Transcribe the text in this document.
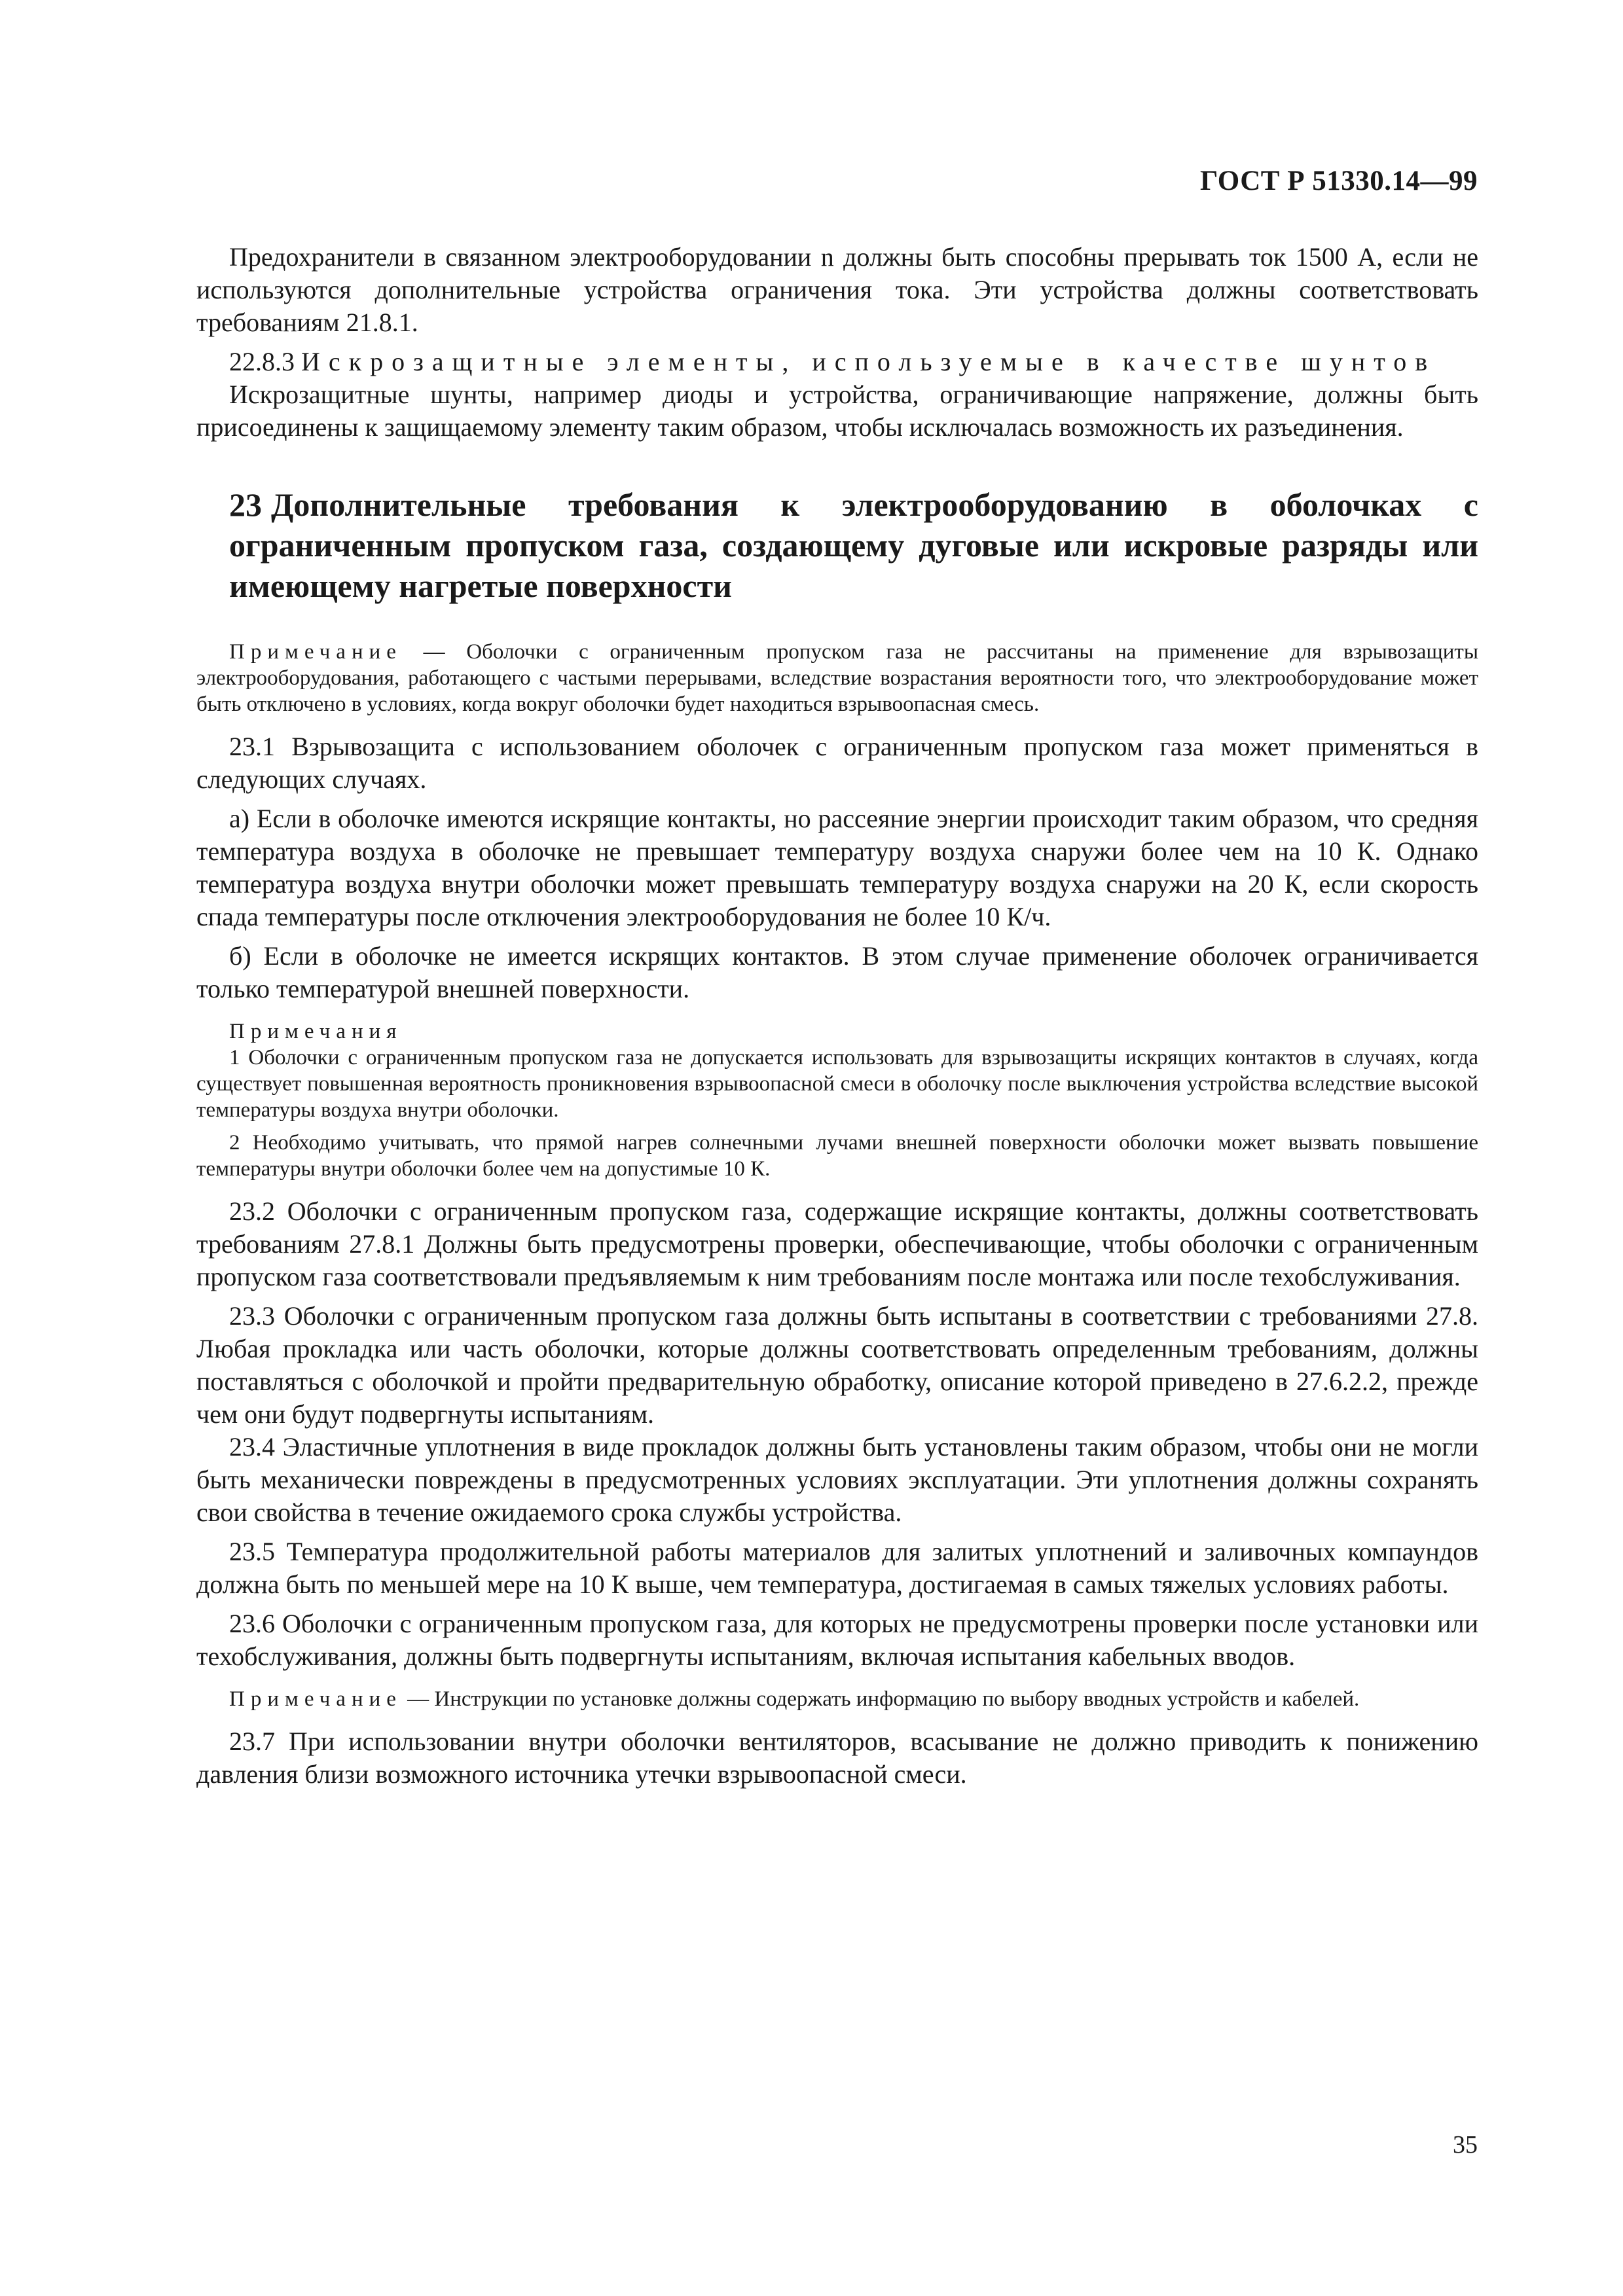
ГОСТ Р 51330.14—99

Предохранители в связанном электрооборудовании n должны быть способны прерывать ток 1500 А, если не используются дополнительные устройства ограничения тока. Эти устройства должны соответствовать требованиям 21.8.1.

22.8.3 Искрозащитные элементы, используемые в качестве шунтов

Искрозащитные шунты, например диоды и устройства, ограничивающие напряжение, должны быть присоединены к защищаемому элементу таким образом, чтобы исключалась возможность их разъединения.

23 Дополнительные требования к электрооборудованию в оболочках с ограниченным пропуском газа, создающему дуговые или искровые разряды или имеющему нагретые поверхности

Примечание — Оболочки с ограниченным пропуском газа не рассчитаны на применение для взрывозащиты электрооборудования, работающего с частыми перерывами, вследствие возрастания вероятности того, что электрооборудование может быть отключено в условиях, когда вокруг оболочки будет находиться взрывоопасная смесь.

23.1 Взрывозащита с использованием оболочек с ограниченным пропуском газа может применяться в следующих случаях.

а) Если в оболочке имеются искрящие контакты, но рассеяние энергии происходит таким образом, что средняя температура воздуха в оболочке не превышает температуру воздуха снаружи более чем на 10 К. Однако температура воздуха внутри оболочки может превышать температуру воздуха снаружи на 20 К, если скорость спада температуры после отключения электрооборудования не более 10 К/ч.

б) Если в оболочке не имеется искрящих контактов. В этом случае применение оболочек ограничивается только температурой внешней поверхности.

Примечания

1 Оболочки с ограниченным пропуском газа не допускается использовать для взрывозащиты искрящих контактов в случаях, когда существует повышенная вероятность проникновения взрывоопасной смеси в оболочку после выключения устройства вследствие высокой температуры воздуха внутри оболочки.

2 Необходимо учитывать, что прямой нагрев солнечными лучами внешней поверхности оболочки может вызвать повышение температуры внутри оболочки более чем на допустимые 10 К.

23.2 Оболочки с ограниченным пропуском газа, содержащие искрящие контакты, должны соответствовать требованиям 27.8.1 Должны быть предусмотрены проверки, обеспечивающие, чтобы оболочки с ограниченным пропуском газа соответствовали предъявляемым к ним требованиям после монтажа или после техобслуживания.

23.3 Оболочки с ограниченным пропуском газа должны быть испытаны в соответствии с требованиями 27.8. Любая прокладка или часть оболочки, которые должны соответствовать определенным требованиям, должны поставляться с оболочкой и пройти предварительную обработку, описание которой приведено в 27.6.2.2, прежде чем они будут подвергнуты испытаниям.

23.4 Эластичные уплотнения в виде прокладок должны быть установлены таким образом, чтобы они не могли быть механически повреждены в предусмотренных условиях эксплуатации. Эти уплотнения должны сохранять свои свойства в течение ожидаемого срока службы устройства.

23.5 Температура продолжительной работы материалов для залитых уплотнений и заливочных компаундов должна быть по меньшей мере на 10 К выше, чем температура, достигаемая в самых тяжелых условиях работы.

23.6 Оболочки с ограниченным пропуском газа, для которых не предусмотрены проверки после установки или техобслуживания, должны быть подвергнуты испытаниям, включая испытания кабельных вводов.

Примечание — Инструкции по установке должны содержать информацию по выбору вводных устройств и кабелей.

23.7 При использовании внутри оболочки вентиляторов, всасывание не должно приводить к понижению давления близи возможного источника утечки взрывоопасной смеси.

35
